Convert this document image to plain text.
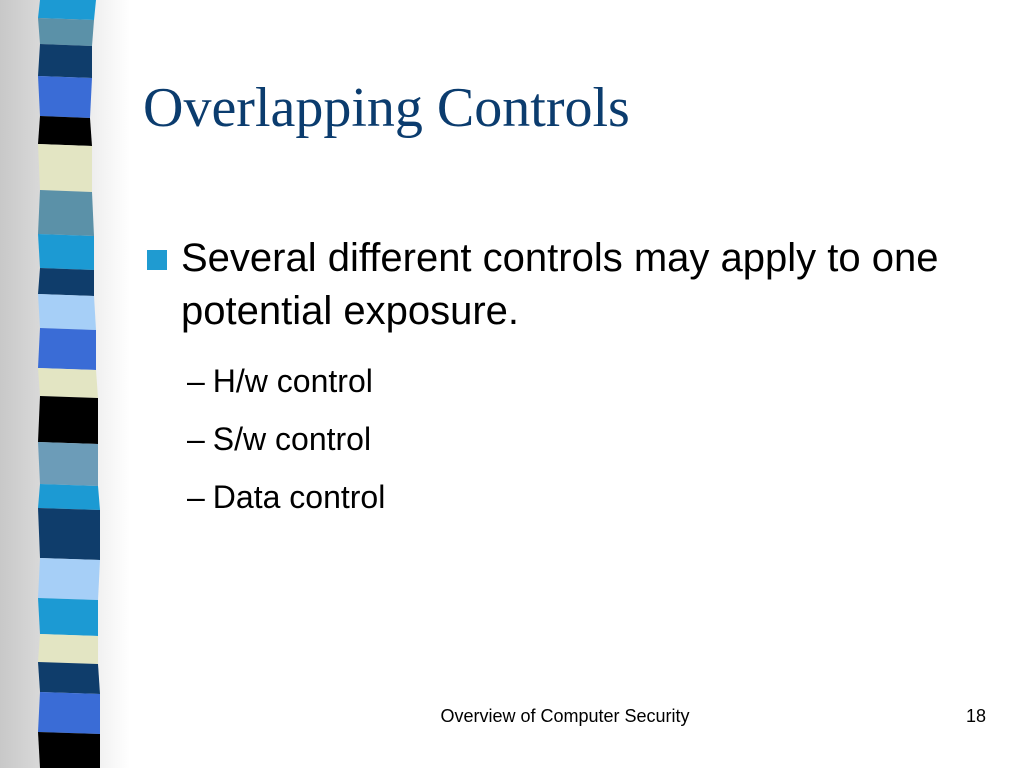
Overlapping Controls
Several different controls may apply to one potential exposure.
– H/w control
– S/w control
– Data control
Overview of Computer Security	18
